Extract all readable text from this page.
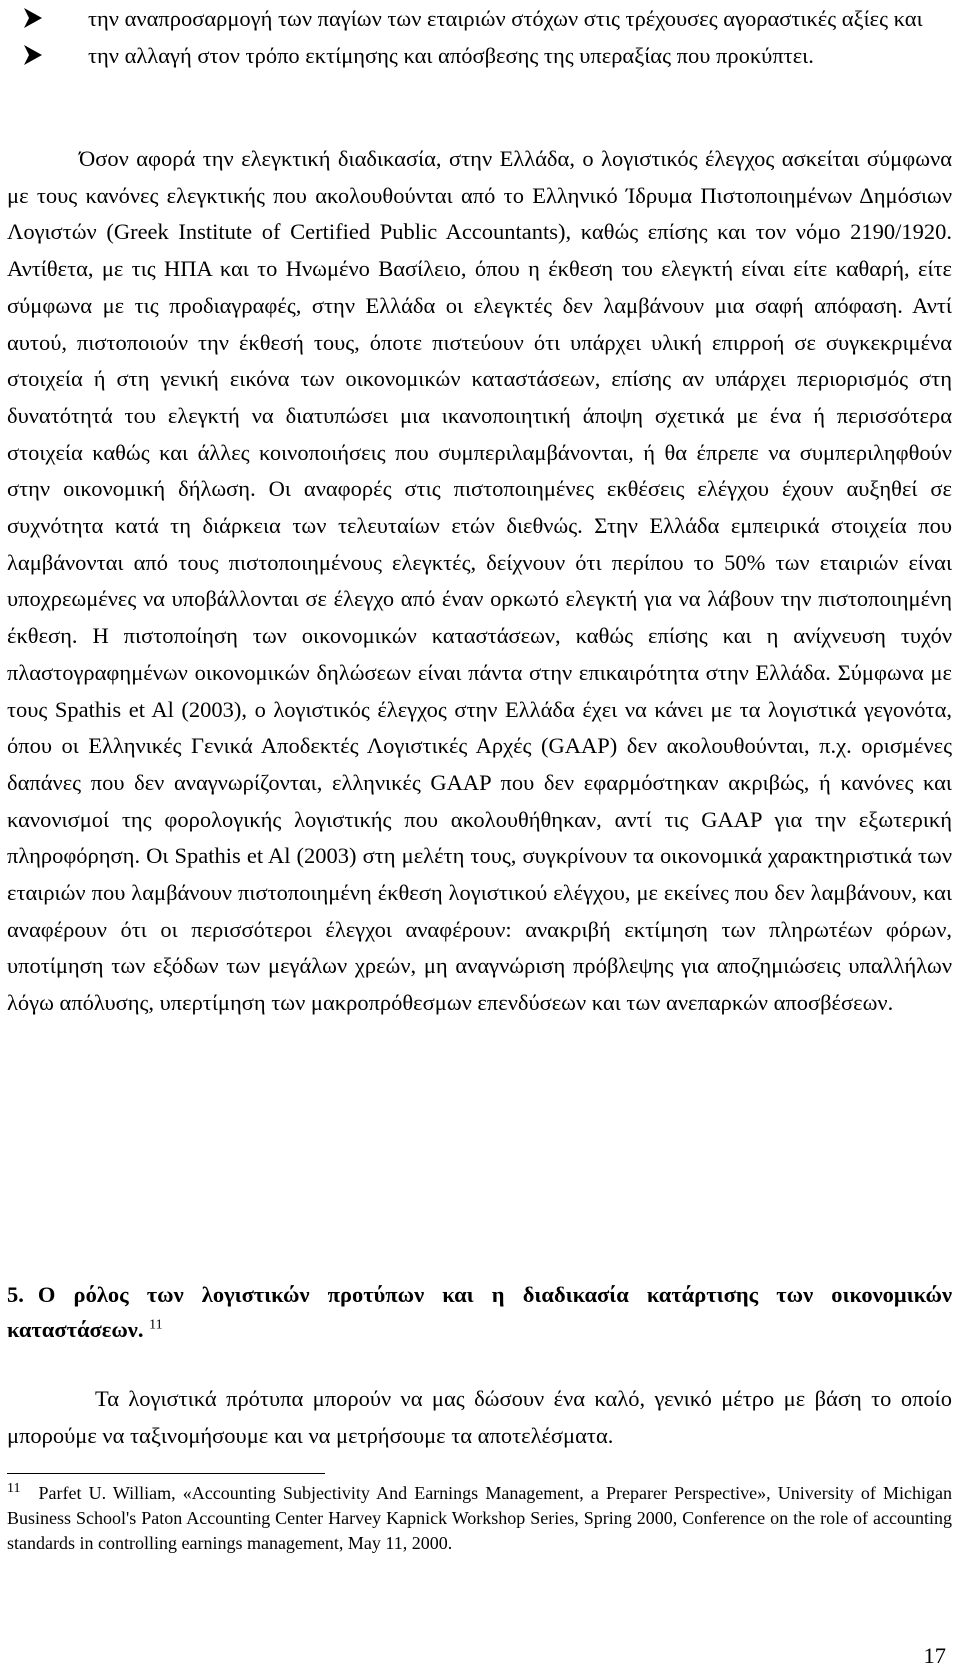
την αναπροσαρμογή των παγίων των εταιριών στόχων στις τρέχουσες αγοραστικές αξίες και
την αλλαγή στον τρόπο εκτίμησης και απόσβεσης της υπεραξίας που προκύπτει.

Όσον αφορά την ελεγκτική διαδικασία, στην Ελλάδα, ο λογιστικός έλεγχος ασκείται σύμφωνα με τους κανόνες ελεγκτικής που ακολουθούνται από το Ελληνικό Ίδρυμα Πιστοποιημένων Δημόσιων Λογιστών (Greek Institute of Certified Public Accountants), καθώς επίσης και τον νόμο 2190/1920. Αντίθετα, με τις ΗΠΑ και το Ηνωμένο Βασίλειο, όπου η έκθεση του ελεγκτή είναι είτε καθαρή, είτε σύμφωνα με τις προδιαγραφές, στην Ελλάδα οι ελεγκτές δεν λαμβάνουν μια σαφή απόφαση. Αντί αυτού, πιστοποιούν την έκθεσή τους, όποτε πιστεύουν ότι υπάρχει υλική επιρροή σε συγκεκριμένα στοιχεία ή στη γενική εικόνα των οικονομικών καταστάσεων, επίσης αν υπάρχει περιορισμός στη δυνατότητά του ελεγκτή να διατυπώσει μια ικανοποιητική άποψη σχετικά με ένα ή περισσότερα στοιχεία καθώς και άλλες κοινοποιήσεις που συμπεριλαμβάνονται, ή θα έπρεπε να συμπεριληφθούν στην οικονομική δήλωση. Οι αναφορές στις πιστοποιημένες εκθέσεις ελέγχου έχουν αυξηθεί σε συχνότητα κατά τη διάρκεια των τελευταίων ετών διεθνώς. Στην Ελλάδα εμπειρικά στοιχεία που λαμβάνονται από τους πιστοποιημένους ελεγκτές, δείχνουν ότι περίπου το 50% των εταιριών είναι υποχρεωμένες να υποβάλλονται σε έλεγχο από έναν ορκωτό ελεγκτή για να λάβουν την πιστοποιημένη έκθεση. Η πιστοποίηση των οικονομικών καταστάσεων, καθώς επίσης και η ανίχνευση τυχόν πλαστογραφημένων οικονομικών δηλώσεων είναι πάντα στην επικαιρότητα στην Ελλάδα. Σύμφωνα με τους Spathis et Al (2003), ο λογιστικός έλεγχος στην Ελλάδα έχει να κάνει με τα λογιστικά γεγονότα, όπου οι Ελληνικές Γενικά Αποδεκτές Λογιστικές Αρχές (GAAP) δεν ακολουθούνται, π.χ. ορισμένες δαπάνες που δεν αναγνωρίζονται, ελληνικές GAAP που δεν εφαρμόστηκαν ακριβώς, ή κανόνες και κανονισμοί της φορολογικής λογιστικής που ακολουθήθηκαν, αντί τις GAAP για την εξωτερική πληροφόρηση. Οι Spathis et Al (2003) στη μελέτη τους, συγκρίνουν τα οικονομικά χαρακτηριστικά των εταιριών που λαμβάνουν πιστοποιημένη έκθεση λογιστικού ελέγχου, με εκείνες που δεν λαμβάνουν, και αναφέρουν ότι οι περισσότεροι έλεγχοι αναφέρουν: ανακριβή εκτίμηση των πληρωτέων φόρων, υποτίμηση των εξόδων των μεγάλων χρεών, μη αναγνώριση πρόβλεψης για αποζημιώσεις υπαλλήλων λόγω απόλυσης, υπερτίμηση των μακροπρόθεσμων επενδύσεων και των ανεπαρκών αποσβέσεων.

5. Ο ρόλος των λογιστικών προτύπων και η διαδικασία κατάρτισης των οικονομικών καταστάσεων. $^{11}$

Τα λογιστικά πρότυπα μπορούν να μας δώσουν ένα καλό, γενικό μέτρο με βάση το οποίο μπορούμε να ταξινομήσουμε και να μετρήσουμε τα αποτελέσματα.

$^{11}$ Parfet U. William, «Accounting Subjectivity And Earnings Management, a Preparer Perspective», University of Michigan Business School's Paton Accounting Center Harvey Kapnick Workshop Series, Spring 2000, Conference on the role of accounting standards in controlling earnings management, May 11, 2000.

17
